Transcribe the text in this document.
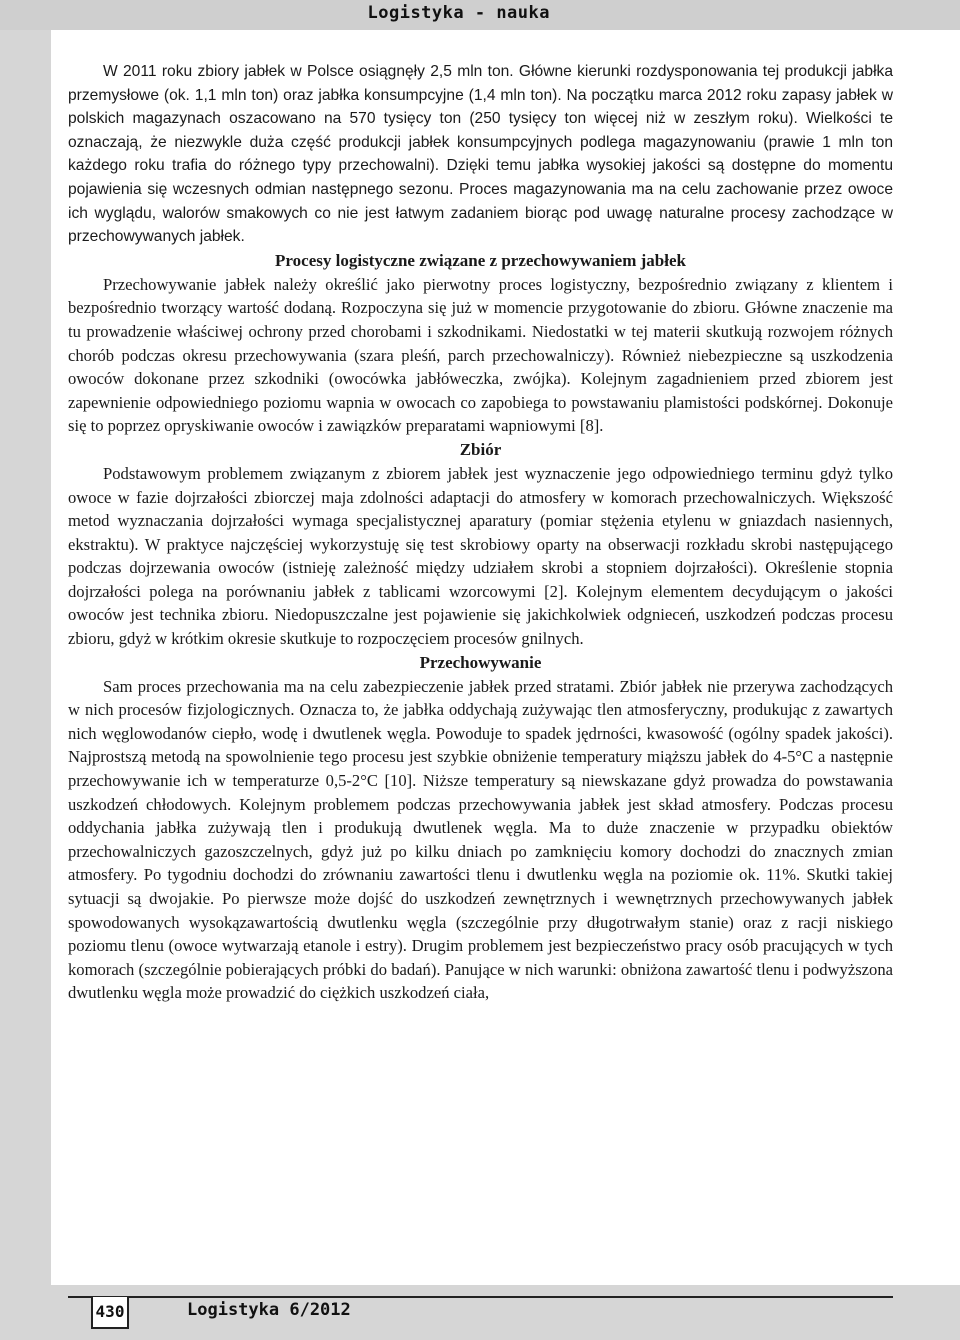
Logistyka - nauka

W 2011 roku zbiory jabłek w Polsce osiągnęły 2,5 mln ton. Główne kierunki rozdysponowania tej produkcji jabłka przemysłowe (ok. 1,1 mln ton) oraz jabłka konsumpcyjne (1,4 mln ton). Na początku marca 2012 roku zapasy jabłek w polskich magazynach oszacowano na 570 tysięcy ton (250 tysięcy ton więcej niż w zeszłym roku). Wielkości te oznaczają, że niezwykle duża część produkcji jabłek konsumpcyjnych podlega magazynowaniu (prawie 1 mln ton każdego roku trafia do różnego typy przechowalni). Dzięki temu jabłka wysokiej jakości są dostępne do momentu pojawienia się wczesnych odmian następnego sezonu. Proces magazynowania ma na celu zachowanie przez owoce ich wyglądu, walorów smakowych co nie jest łatwym zadaniem biorąc pod uwagę naturalne procesy zachodzące w przechowywanych jabłek.

Procesy logistyczne związane z przechowywaniem jabłek

Przechowywanie jabłek należy określić jako pierwotny proces logistyczny, bezpośrednio związany z klientem i bezpośrednio tworzący wartość dodaną. Rozpoczyna się już w momencie przygotowanie do zbioru. Główne znaczenie ma tu prowadzenie właściwej ochrony przed chorobami i szkodnikami. Niedostatki w tej materii skutkują rozwojem różnych chorób podczas okresu przechowywania (szara pleśń, parch przechowalniczy). Również niebezpieczne są uszkodzenia owoców dokonane przez szkodniki (owocówka jabłóweczka, zwójka). Kolejnym zagadnieniem przed zbiorem jest zapewnienie odpowiedniego poziomu wapnia w owocach co zapobiega to powstawaniu plamistości podskórnej. Dokonuje się to poprzez opryskiwanie owoców i zawiązków preparatami wapniowymi [8].

Zbiór

Podstawowym problemem związanym z zbiorem jabłek jest wyznaczenie jego odpowiedniego terminu gdyż tylko owoce w fazie dojrzałości zbiorczej maja zdolności adaptacji do atmosfery w komorach przechowalniczych. Większość metod wyznaczania dojrzałości wymaga specjalistycznej aparatury (pomiar stężenia etylenu w gniazdach nasiennych, ekstraktu). W praktyce najczęściej wykorzystuję się test skrobiowy oparty na obserwacji rozkładu skrobi następującego podczas dojrzewania owoców (istnieję zależność między udziałem skrobi a stopniem dojrzałości). Określenie stopnia dojrzałości polega na porównaniu jabłek z tablicami wzorcowymi [2]. Kolejnym elementem decydującym o jakości owoców jest technika zbioru. Niedopuszczalne jest pojawienie się jakichkolwiek odgnieceń, uszkodzeń podczas procesu zbioru, gdyż w krótkim okresie skutkuje to rozpoczęciem procesów gnilnych.

Przechowywanie

Sam proces przechowania ma na celu zabezpieczenie jabłek przed stratami. Zbiór jabłek nie przerywa zachodzących w nich procesów fizjologicznych. Oznacza to, że jabłka oddychają zużywając tlen atmosferyczny, produkując z zawartych nich węglowodanów ciepło, wodę i dwutlenek węgla. Powoduje to spadek jędrności, kwasowość (ogólny spadek jakości). Najprostszą metodą na spowolnienie tego procesu jest szybkie obniżenie temperatury miąższu jabłek do 4-5°C a następnie przechowywanie ich w temperaturze 0,5-2°C [10]. Niższe temperatury są niewskazane gdyż prowadza do powstawania uszkodzeń chłodowych. Kolejnym problemem podczas przechowywania jabłek jest skład atmosfery. Podczas procesu oddychania jabłka zużywają tlen i produkują dwutlenek węgla. Ma to duże znaczenie w przypadku obiektów przechowalniczych gazoszczelnych, gdyż już po kilku dniach po zamknięciu komory dochodzi do znacznych zmian atmosfery. Po tygodniu dochodzi do zrównaniu zawartości tlenu i dwutlenku węgla na poziomie ok. 11%. Skutki takiej sytuacji są dwojakie. Po pierwsze może dojść do uszkodzeń zewnętrznych i wewnętrznych przechowywanych jabłek spowodowanych wysokązawartością dwutlenku węgla (szczególnie przy długotrwałym stanie) oraz z racji niskiego poziomu tlenu (owoce wytwarzają etanole i estry). Drugim problemem jest bezpieczeństwo pracy osób pracujących w tych komorach (szczególnie pobierających próbki do badań). Panujące w nich warunki: obniżona zawartość tlenu i podwyższona dwutlenku węgla może prowadzić do ciężkich uszkodzeń ciała,

430	Logistyka 6/2012
